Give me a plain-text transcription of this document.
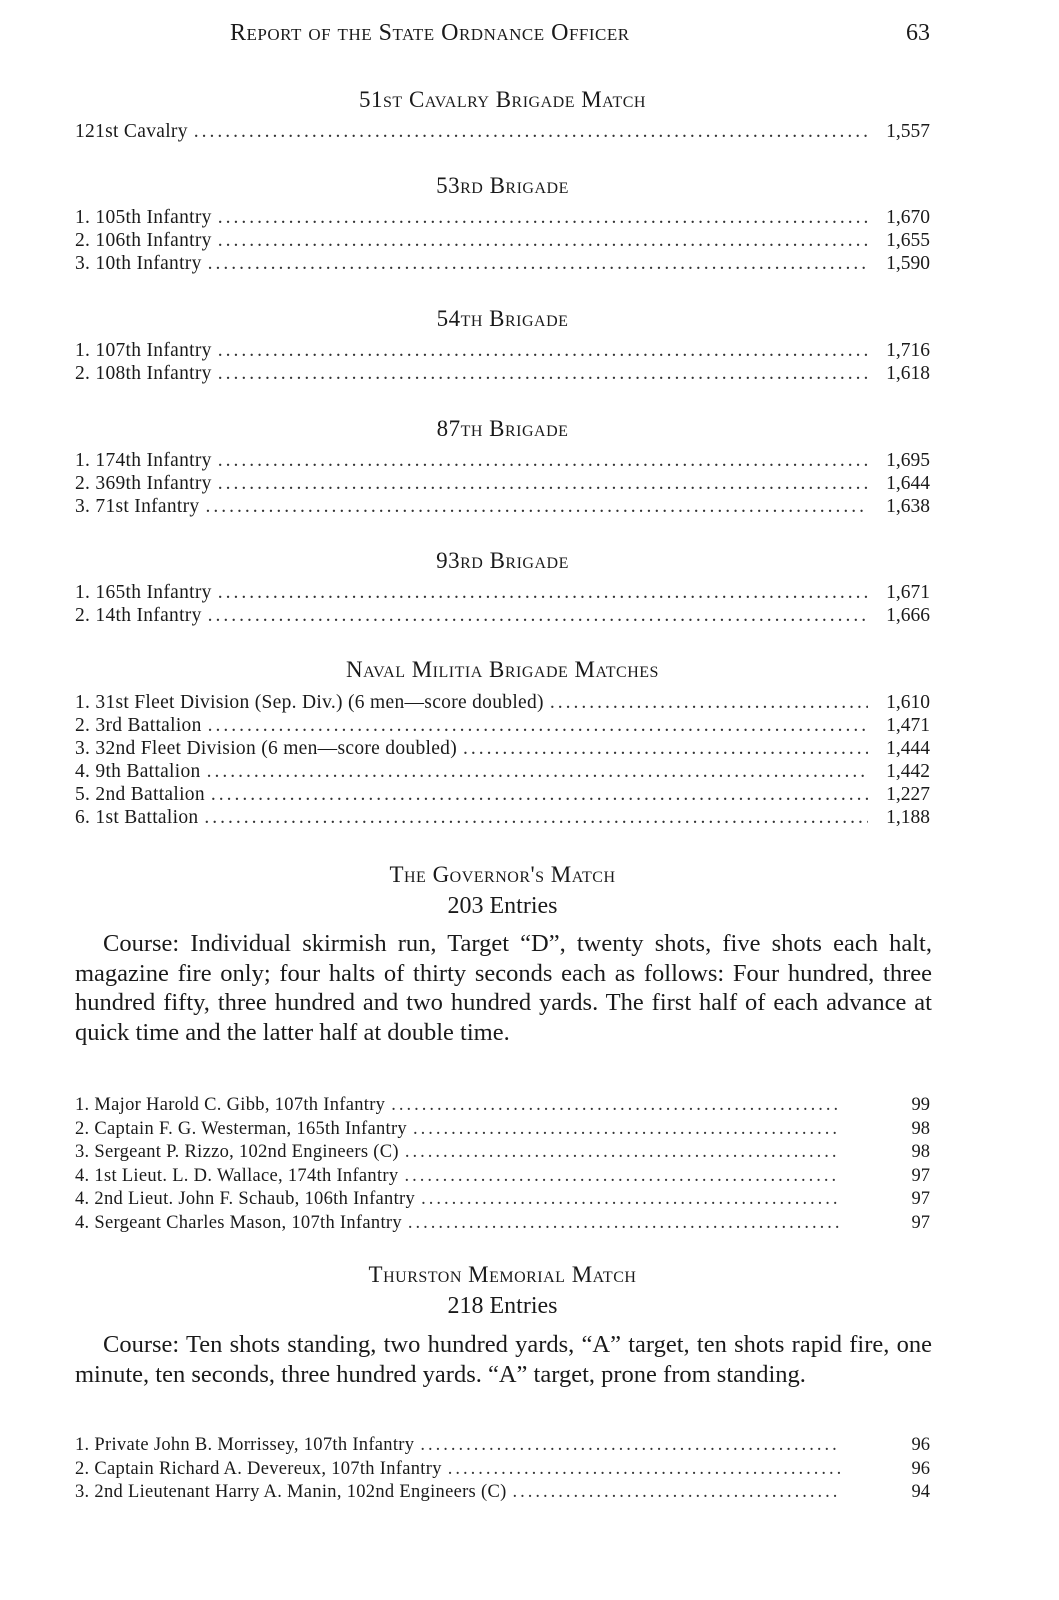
Report of the State Ordnance Officer	63
51st Cavalry Brigade Match
121st Cavalry .....	1,557
53rd Brigade
1. 105th Infantry .....	1,670
2. 106th Infantry .....	1,655
3. 10th Infantry .....	1,590
54th Brigade
1. 107th Infantry .....	1,716
2. 108th Infantry .....	1,618
87th Brigade
1. 174th Infantry .....	1,695
2. 369th Infantry .....	1,644
3. 71st Infantry .....	1,638
93rd Brigade
1. 165th Infantry .....	1,671
2. 14th Infantry .....	1,666
Naval Militia Brigade Matches
1. 31st Fleet Division (Sep. Div.) (6 men—score doubled) .....	1,610
2. 3rd Battalion .....	1,471
3. 32nd Fleet Division (6 men—score doubled) .....	1,444
4. 9th Battalion .....	1,442
5. 2nd Battalion .....	1,227
6. 1st Battalion .....	1,188
The Governor's Match
203 Entries
Course: Individual skirmish run, Target “D”, twenty shots, five shots each halt, magazine fire only; four halts of thirty seconds each as follows: Four hundred, three hundred fifty, three hundred and two hundred yards. The first half of each advance at quick time and the latter half at double time.
1. Major Harold C. Gibb, 107th Infantry .....	99
2. Captain F. G. Westerman, 165th Infantry .....	98
3. Sergeant P. Rizzo, 102nd Engineers (C) .....	98
4. 1st Lieut. L. D. Wallace, 174th Infantry .....	97
4. 2nd Lieut. John F. Schaub, 106th Infantry .....	97
4. Sergeant Charles Mason, 107th Infantry .....	97
Thurston Memorial Match
218 Entries
Course: Ten shots standing, two hundred yards, “A” target, ten shots rapid fire, one minute, ten seconds, three hundred yards. “A” target, prone from standing.
1. Private John B. Morrissey, 107th Infantry .....	96
2. Captain Richard A. Devereux, 107th Infantry .....	96
3. 2nd Lieutenant Harry A. Manin, 102nd Engineers (C) .....	94
